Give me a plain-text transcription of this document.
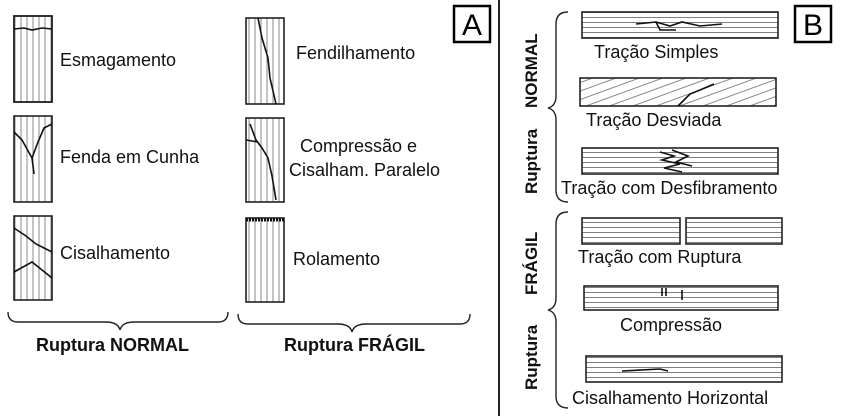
A
Esmagamento
Fenda em Cunha
Cisalhamento
Fendilhamento
Compressão e
Cisalham. Paralelo
Rolamento
Ruptura NORMAL	Ruptura FRÁGIL
B
NORMAL
Ruptura
FRÁGIL
Ruptura
Tração Simples
Tração Desviada
Tração com Desfibramento
Tração com Ruptura
Compressão
Cisalhamento Horizontal
